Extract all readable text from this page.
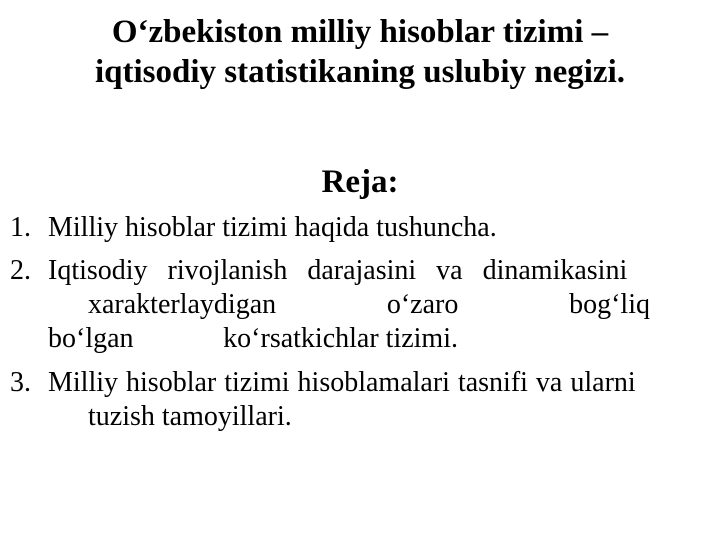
O‘zbekiston milliy hisoblar tizimi –
iqtisodiy statistikaning uslubiy negizi.
Reja:
1. Milliy hisoblar tizimi haqida tushuncha.
2. Iqtisodiy rivojlanish darajasini va dinamikasini
xarakterlaydigan	o‘zaro	bog‘liq
bo‘lgan	ko‘rsatkichlar tizimi.
3. Milliy hisoblar tizimi hisoblamalari tasnifi va ularni
tuzish tamoyillari.
